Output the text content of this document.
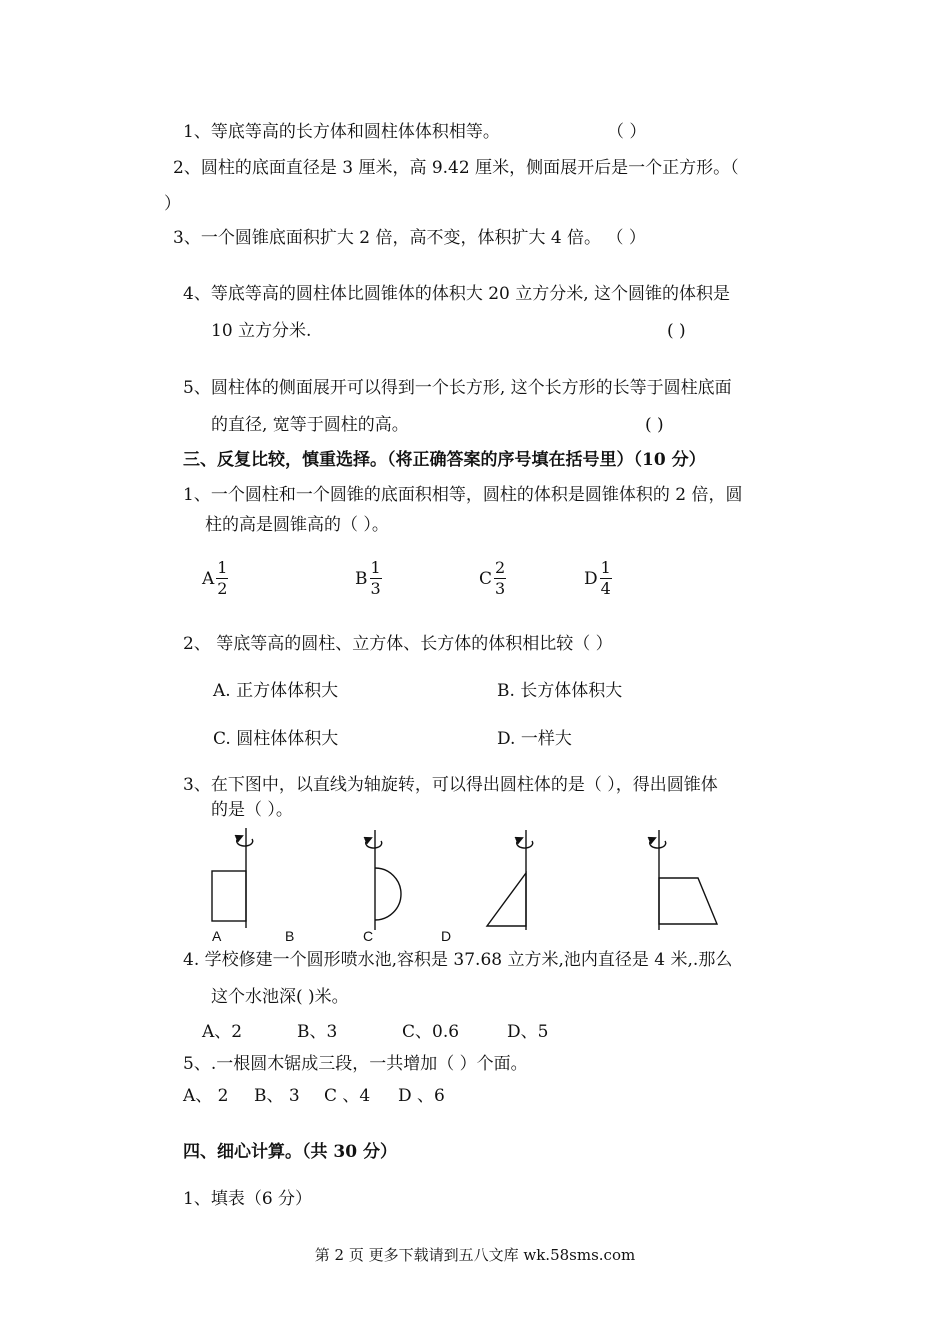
1、等底等高的长方体和圆柱体体积相等。	（ ）
2、圆柱的底面直径是 3 厘米，高 9.42 厘米，侧面展开后是一个正方形。（
）
3、一个圆锥底面积扩大 2 倍，高不变，体积扩大 4 倍。 （ ）
4、等底等高的圆柱体比圆锥体的体积大 20 立方分米, 这个圆锥的体积是
10 立方分米.	( )
5、圆柱体的侧面展开可以得到一个长方形, 这个长方形的长等于圆柱底面
的直径, 宽等于圆柱的高。	( )
三、反复比较，慎重选择。（将正确答案的序号填在括号里）（10 分）
1、一个圆柱和一个圆锥的底面积相等，圆柱的体积是圆锥体积的 2 倍，圆
柱的高是圆锥高的（ ）。
A $\frac{1}{2}$	B $\frac{1}{3}$	C $\frac{2}{3}$	D $\frac{1}{4}$
2、 等底等高的圆柱、立方体、长方体的体积相比较（ ）
A. 正方体体积大	B. 长方体体积大
C. 圆柱体体积大	D. 一样大
3、在下图中，以直线为轴旋转，可以得出圆柱体的是（ ），得出圆锥体
的是（ ）。
A	B	C	D
4. 学校修建一个圆形喷水池,容积是 37.68 立方米,池内直径是 4 米,.那么
这个水池深( )米。
A、2	B、3	C、0.6	D、5
5、.一根圆木锯成三段，一共增加（ ）个面。
A、 2 B、 3 C 、4 D 、6
四、细心计算。（共 30 分）
1、填表（6 分）
第 2 页 更多下载请到五八文库 wk.58sms.com
